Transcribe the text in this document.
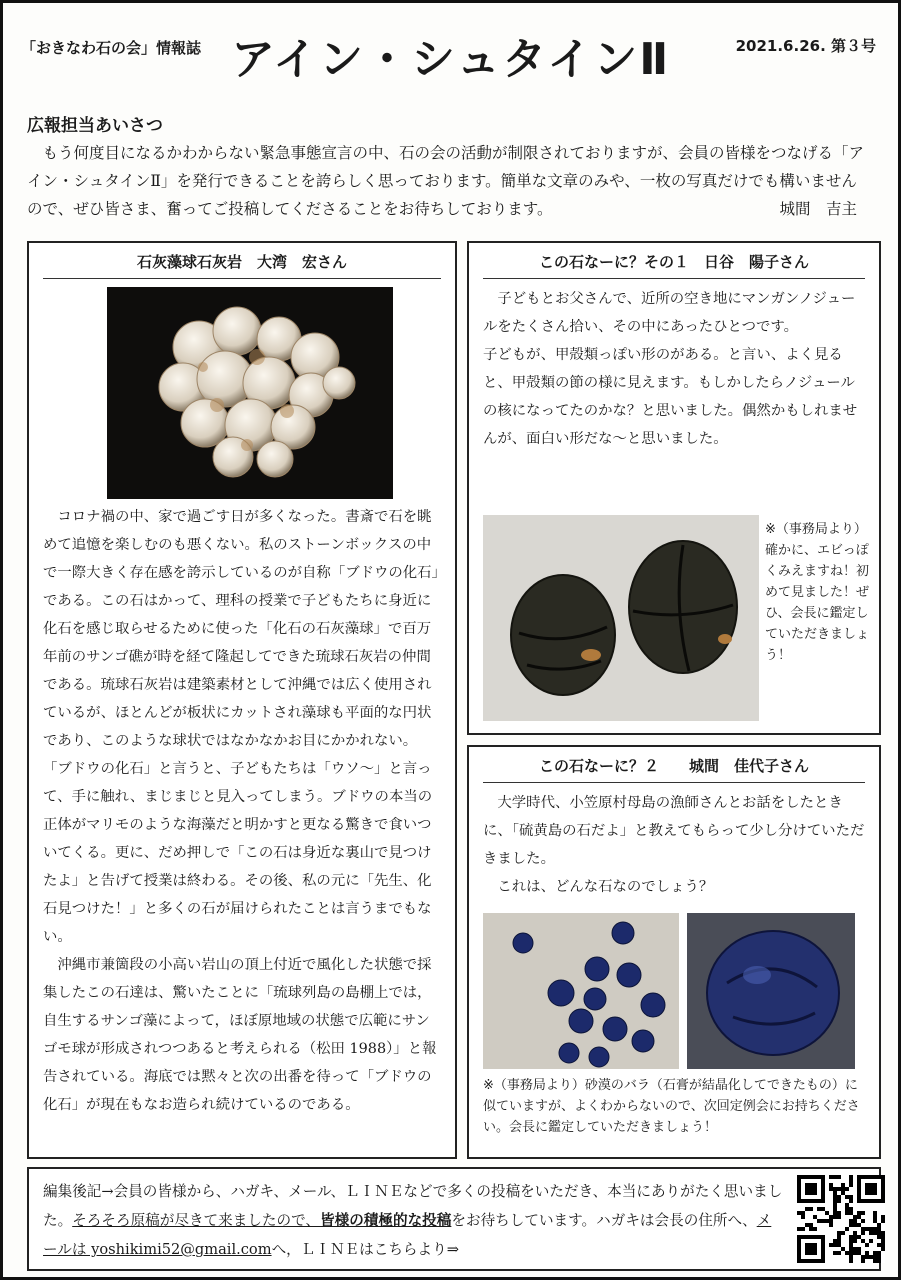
「おきなわ石の会」情報誌 アイン・シュタインⅡ	2021.6.26. 第３号
広報担当あいさつ
もう何度目になるかわからない緊急事態宣言の中、石の会の活動が制限されておりますが、会員の皆様をつなげる「アイン・シュタインⅡ」を発行できることを誇らしく思っております。簡単な文章のみや、一枚の写真だけでも構いませんので、ぜひ皆さま、奮ってご投稿してくださることをお待ちしております。	城間　吉主
石灰藻球石灰岩　大湾　宏さん

コロナ禍の中、家で過ごす日が多くなった。書斎で石を眺めて追憶を楽しむのも悪くない。私のストーンボックスの中で一際大きく存在感を誇示しているのが自称「ブドウの化石」である。この石はかって、理科の授業で子どもたちに身近に化石を感じ取らせるために使った「化石の石灰藻球」で百万年前のサンゴ礁が時を経て隆起してできた琉球石灰岩の仲間である。琉球石灰岩は建築素材として沖縄では広く使用されているが、ほとんどが板状にカットされ藻球も平面的な円状であり、このような球状ではなかなかお目にかかれない。

「ブドウの化石」と言うと、子どもたちは「ウソ〜」と言って、手に触れ、まじまじと見入ってしまう。ブドウの本当の正体がマリモのような海藻だと明かすと更なる驚きで食いついてくる。更に、だめ押しで「この石は身近な裏山で見つけたよ」と告げて授業は終わる。その後、私の元に「先生、化石見つけた！」と多くの石が届けられたことは言うまでもない。

沖縄市兼箇段の小高い岩山の頂上付近で風化した状態で採集したこの石達は、驚いたことに「琉球列島の島棚上では，自生するサンゴ藻によって，ほぼ原地域の状態で広範にサンゴモ球が形成されつつあると考えられる（松田 1988）」と報告されている。海底では黙々と次の出番を待って「ブドウの化石」が現在もなお造られ続けているのである。

この石なーに？その１　日谷　陽子さん

子どもとお父さんで、近所の空き地にマンガンノジュールをたくさん拾い、その中にあったひとつです。

子どもが、甲殻類っぽい形のがある。と言い、よく見ると、甲殻類の節の様に見えます。もしかしたらノジュールの核になってたのかな？と思いました。偶然かもしれませんが、面白い形だな〜と思いました。

※（事務局より）確かに、エビっぽくみえますね！初めて見ました！ぜひ、会長に鑑定していただきましょう！
この石なーに？２　　城間　佳代子さん

大学時代、小笠原村母島の漁師さんとお話をしたときに、「硫黄島の石だよ」と教えてもらって少し分けていただきました。

これは、どんな石なのでしょう？

※（事務局より）砂漠のバラ（石膏が結晶化してできたもの）に似ていますが、よくわからないので、次回定例会にお持ちください。会長に鑑定していただきましょう！
編集後記→会員の皆様から、ハガキ、メール、ＬＩＮＥなどで多くの投稿をいただき、本当にありがたく思いました。そろそろ原稿が尽きて来ましたので、皆様の積極的な投稿をお待ちしています。ハガキは会長の住所へ、メールは yoshikimi52@gmail.comへ，ＬＩＮＥはこちらより⇒
